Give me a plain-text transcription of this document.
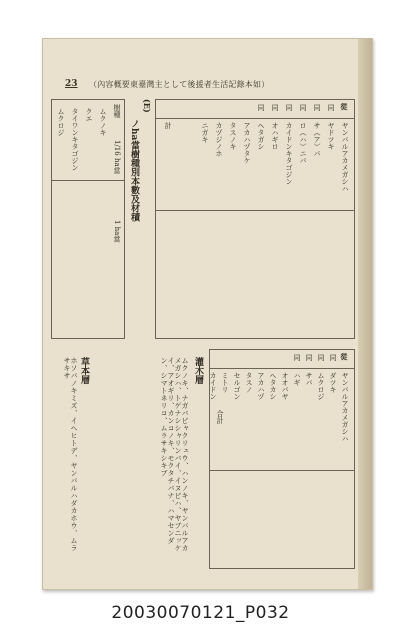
23 （內容概要東臺灣主として後援者生活記錄本如）
從
計	ヤンバルアカメガシハ
ヤドツキ
サ（ア）バ
ロ（ハ）ニバ
カイドンキタゴジン
オハギロ
ヘタガシ
アカハヅタケ
タスノキ
カヅジノホ
ニガキ
同
同
同
同
同
同
(E)
ノha當樹種別本數及材積
樹種
1/16 ha當
1 ha當
ムクノキ
クエ
タイワンキタゴジン
ムクロジ
灌木層
ムクノキ、ナガバビャクリュウ、ハンノキ、ヤンバルアカメガシハ、トゲナシシャリンバイ、イヌビハ、ヤブニッケイ、アオギリ、カンコノキ、モクタチバナ、ハマセンダン、シマトネリコ、ムラサキシキブ
從
合計	ヤンバルアカメガシハ
ダツキ
ムクロジ
サバ
ハギ
オオバヤ
ヘタカシ
アカハヅ
タスノ
セルゴン
ミトリ
カイドン
同
同
同
同
草本層
ホソバノキミズ、イヘヒトデ、ヤンバルハダカホウ、ムラサキサ
20030070121_P032
